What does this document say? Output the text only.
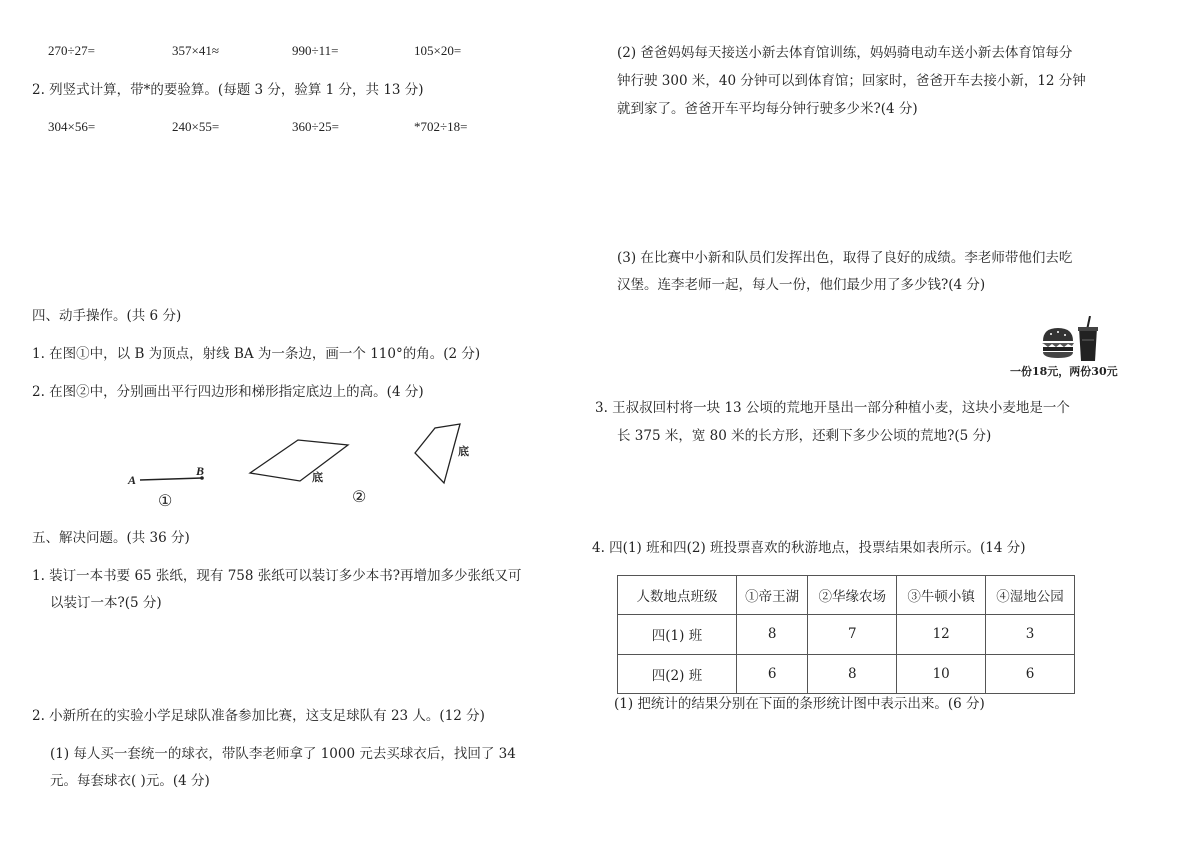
270÷27=	357×41≈	990÷11=	105×20=
2. 列竖式计算，带*的要验算。(每题 3 分，验算 1 分，共 13 分)
304×56=	240×55=	360÷25=	*702÷18=
四、动手操作。(共 6 分)
1. 在图①中，以 B 为顶点，射线 BA 为一条边，画一个 110°的角。(2 分)
2. 在图②中，分别画出平行四边形和梯形指定底边上的高。(4 分)
A
B
①	②
底
底
五、解决问题。(共 36 分)
1. 装订一本书要 65 张纸，现有 758 张纸可以装订多少本书?再增加多少张纸又可
以装订一本?(5 分)
2. 小新所在的实验小学足球队准备参加比赛，这支足球队有 23 人。(12 分)
(1) 每人买一套统一的球衣，带队李老师拿了 1000 元去买球衣后，找回了 34
元。每套球衣( )元。(4 分)
(2) 爸爸妈妈每天接送小新去体育馆训练，妈妈骑电动车送小新去体育馆每分
钟行驶 300 米，40 分钟可以到体育馆；回家时，爸爸开车去接小新，12 分钟
就到家了。爸爸开车平均每分钟行驶多少米?(4 分)
(3) 在比赛中小新和队员们发挥出色，取得了良好的成绩。李老师带他们去吃
汉堡。连李老师一起，每人一份，他们最少用了多少钱?(4 分)
一份18元，两份30元
3. 王叔叔回村将一块 13 公顷的荒地开垦出一部分种植小麦，这块小麦地是一个
长 375 米，宽 80 米的长方形，还剩下多少公顷的荒地?(5 分)
4. 四(1) 班和四(2) 班投票喜欢的秋游地点，投票结果如表所示。(14 分)
人数地点班级	①帝王湖	②华缘农场	③牛顿小镇	④湿地公园
四(1) 班	8	7	12	3
四(2) 班	6	8	10	6
(1) 把统计的结果分别在下面的条形统计图中表示出来。(6 分)
